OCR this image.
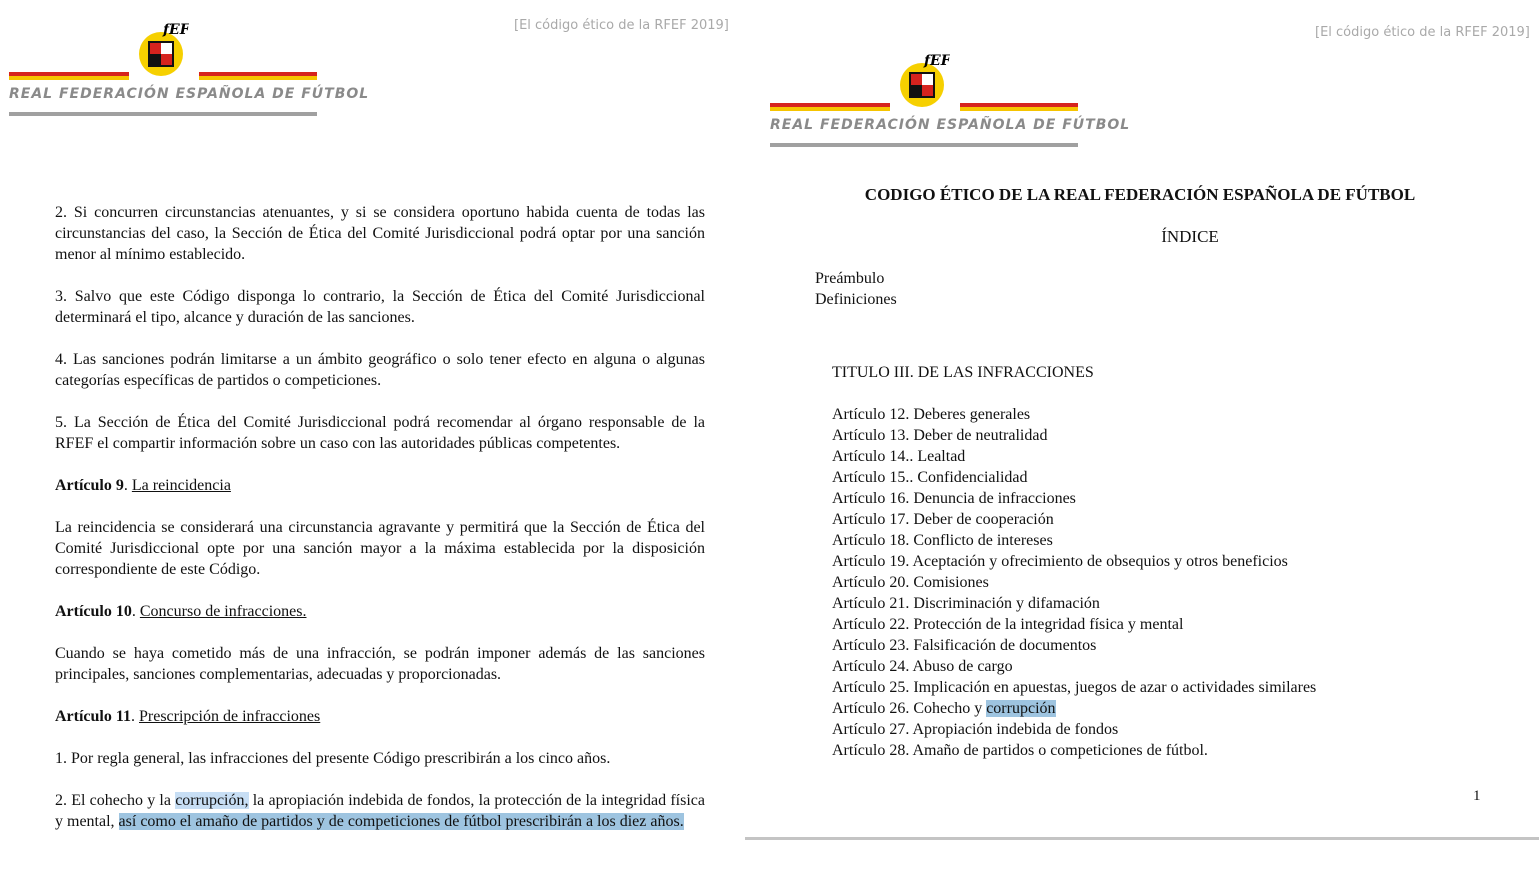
[El código ético de la RFEF 2019]
fEF
REAL FEDERACIÓN ESPAÑOLA DE FÚTBOL

2. Si concurren circunstancias atenuantes, y si se considera oportuno habida cuenta de todas las circunstancias del caso, la Sección de Ética del Comité Jurisdiccional podrá optar por una sanción menor al mínimo establecido.

3. Salvo que este Código disponga lo contrario, la Sección de Ética del Comité Jurisdiccional determinará el tipo, alcance y duración de las sanciones.

4. Las sanciones podrán limitarse a un ámbito geográfico o solo tener efecto en alguna o algunas categorías específicas de partidos o competiciones.

5. La Sección de Ética del Comité Jurisdiccional podrá recomendar al órgano responsable de la RFEF el compartir información sobre un caso con las autoridades públicas competentes.

Artículo 9. La reincidencia

La reincidencia se considerará una circunstancia agravante y permitirá que la Sección de Ética del Comité Jurisdiccional opte por una sanción mayor a la máxima establecida por la disposición correspondiente de este Código.

Artículo 10. Concurso de infracciones.

Cuando se haya cometido más de una infracción, se podrán imponer además de las sanciones principales, sanciones complementarias, adecuadas y proporcionadas.

Artículo 11. Prescripción de infracciones

1. Por regla general, las infracciones del presente Código prescribirán a los cinco años.

2. El cohecho y la corrupción, la apropiación indebida de fondos, la protección de la integridad física y mental, así como el amaño de partidos y de competiciones de fútbol prescribirán a los diez años.

[El código ético de la RFEF 2019]
fEF
REAL FEDERACIÓN ESPAÑOLA DE FÚTBOL
CODIGO ÉTICO DE LA REAL FEDERACIÓN ESPAÑOLA DE FÚTBOL
ÍNDICE
Preámbulo
Definiciones
TITULO III. DE LAS INFRACCIONES
Artículo 12. Deberes generales
Artículo 13. Deber de neutralidad
Artículo 14.. Lealtad
Artículo 15.. Confidencialidad
Artículo 16. Denuncia de infracciones
Artículo 17. Deber de cooperación
Artículo 18. Conflicto de intereses
Artículo 19. Aceptación y ofrecimiento de obsequios y otros beneficios
Artículo 20. Comisiones
Artículo 21. Discriminación y difamación
Artículo 22. Protección de la integridad física y mental
Artículo 23. Falsificación de documentos
Artículo 24. Abuso de cargo
Artículo 25. Implicación en apuestas, juegos de azar o actividades similares
Artículo 26. Cohecho y corrupción
Artículo 27. Apropiación indebida de fondos
Artículo 28. Amaño de partidos o competiciones de fútbol.
1
